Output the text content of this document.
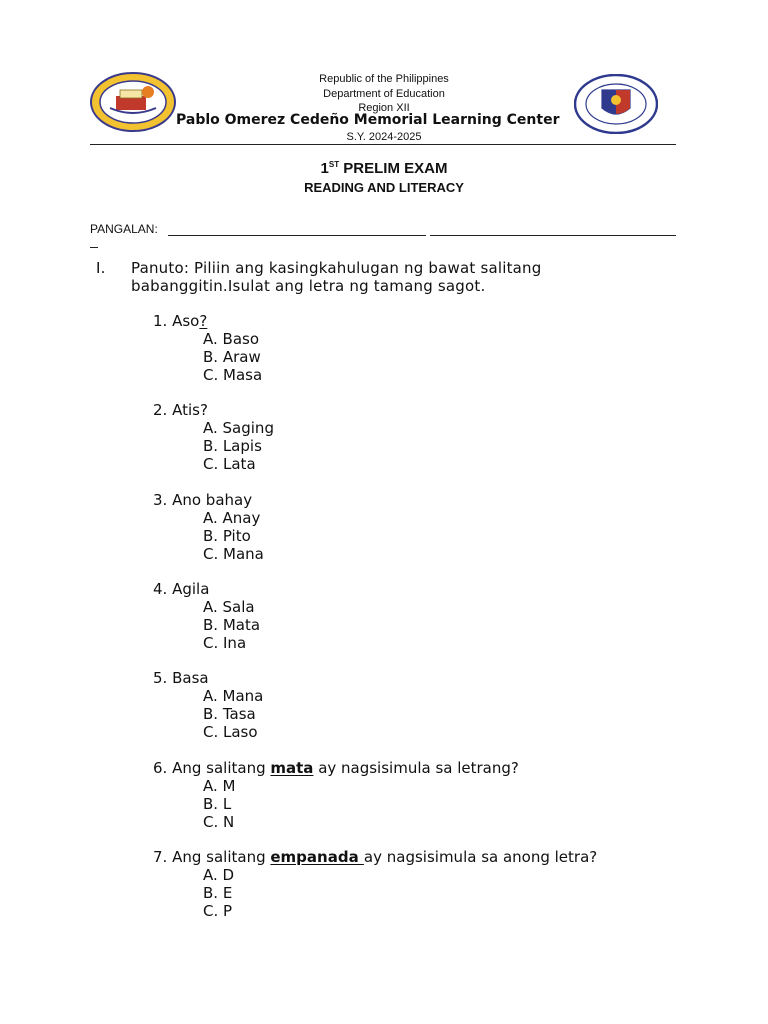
Republic of the Philippines
Department of Education
Region XII
Pablo Omerez Cedeño Memorial Learning Center
S.Y. 2024-2025
1ST PRELIM EXAM
READING AND LITERACY
PANGALAN:
I. Panuto: Piliin ang kasingkahulugan ng bawat salitang
babanggitin.Isulat ang letra ng tamang sagot.
1. Aso?
A. Baso
B. Araw
C. Masa
2. Atis?
A. Saging
B. Lapis
C. Lata
3. Ano bahay
A. Anay
B. Pito
C. Mana
4. Agila
A. Sala
B. Mata
C. Ina
5. Basa
A. Mana
B. Tasa
C. Laso
6. Ang salitang mata ay nagsisimula sa letrang?
A. M
B. L
C. N
7. Ang salitang empanada ay nagsisimula sa anong letra?
A. D
B. E
C. P
